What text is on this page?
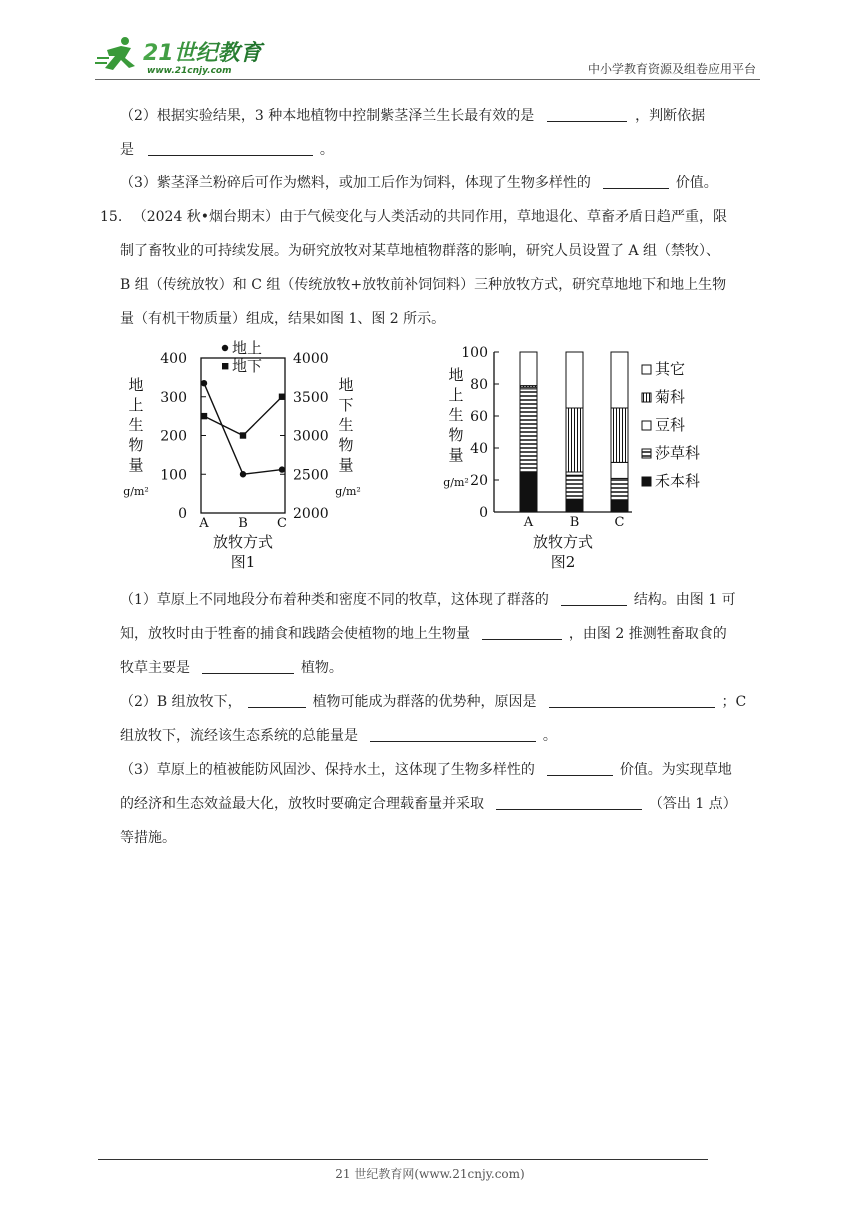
21世纪教育
www.21cnjy.com	中小学教育资源及组卷应用平台
（2）根据实验结果，3 种本地植物中控制紫茎泽兰生长最有效的是	，判断依据
是	。
（3）紫茎泽兰粉碎后可作为燃料，或加工后作为饲料，体现了生物多样性的	价值。
15. （2024 秋•烟台期末）由于气候变化与人类活动的共同作用，草地退化、草畜矛盾日趋严重，限
制了畜牧业的可持续发展。为研究放牧对某草地植物群落的影响，研究人员设置了 A 组（禁牧）、
B 组（传统放牧）和 C 组（传统放牧+放牧前补饲饲料）三种放牧方式，研究草地地下和地上生物
量（有机干物质量）组成，结果如图 1、图 2 所示。
0
100
200
300
400
2000
2500
3000
3500
4000
A B C
地
上
生
物
量
g/m²
地
下
生
物
量
g/m²
放牧方式
图1
地上
地下
0
20
40
60
80
100
地
上
生
物
量
g/m²
A	B	C
其它
菊科
豆科
莎草科
禾本科
放牧方式
图2
（1）草原上不同地段分布着种类和密度不同的牧草，这体现了群落的	结构。由图 1 可
知，放牧时由于牲畜的捕食和践踏会使植物的地上生物量	，由图 2 推测牲畜取食的
牧草主要是	植物。
（2）B 组放牧下，	植物可能成为群落的优势种，原因是	；C
组放牧下，流经该生态系统的总能量是	。
（3）草原上的植被能防风固沙、保持水土，这体现了生物多样性的	价值。为实现草地
的经济和生态效益最大化，放牧时要确定合理载畜量并采取	（答出 1 点）
等措施。
21 世纪教育网(www.21cnjy.com)
